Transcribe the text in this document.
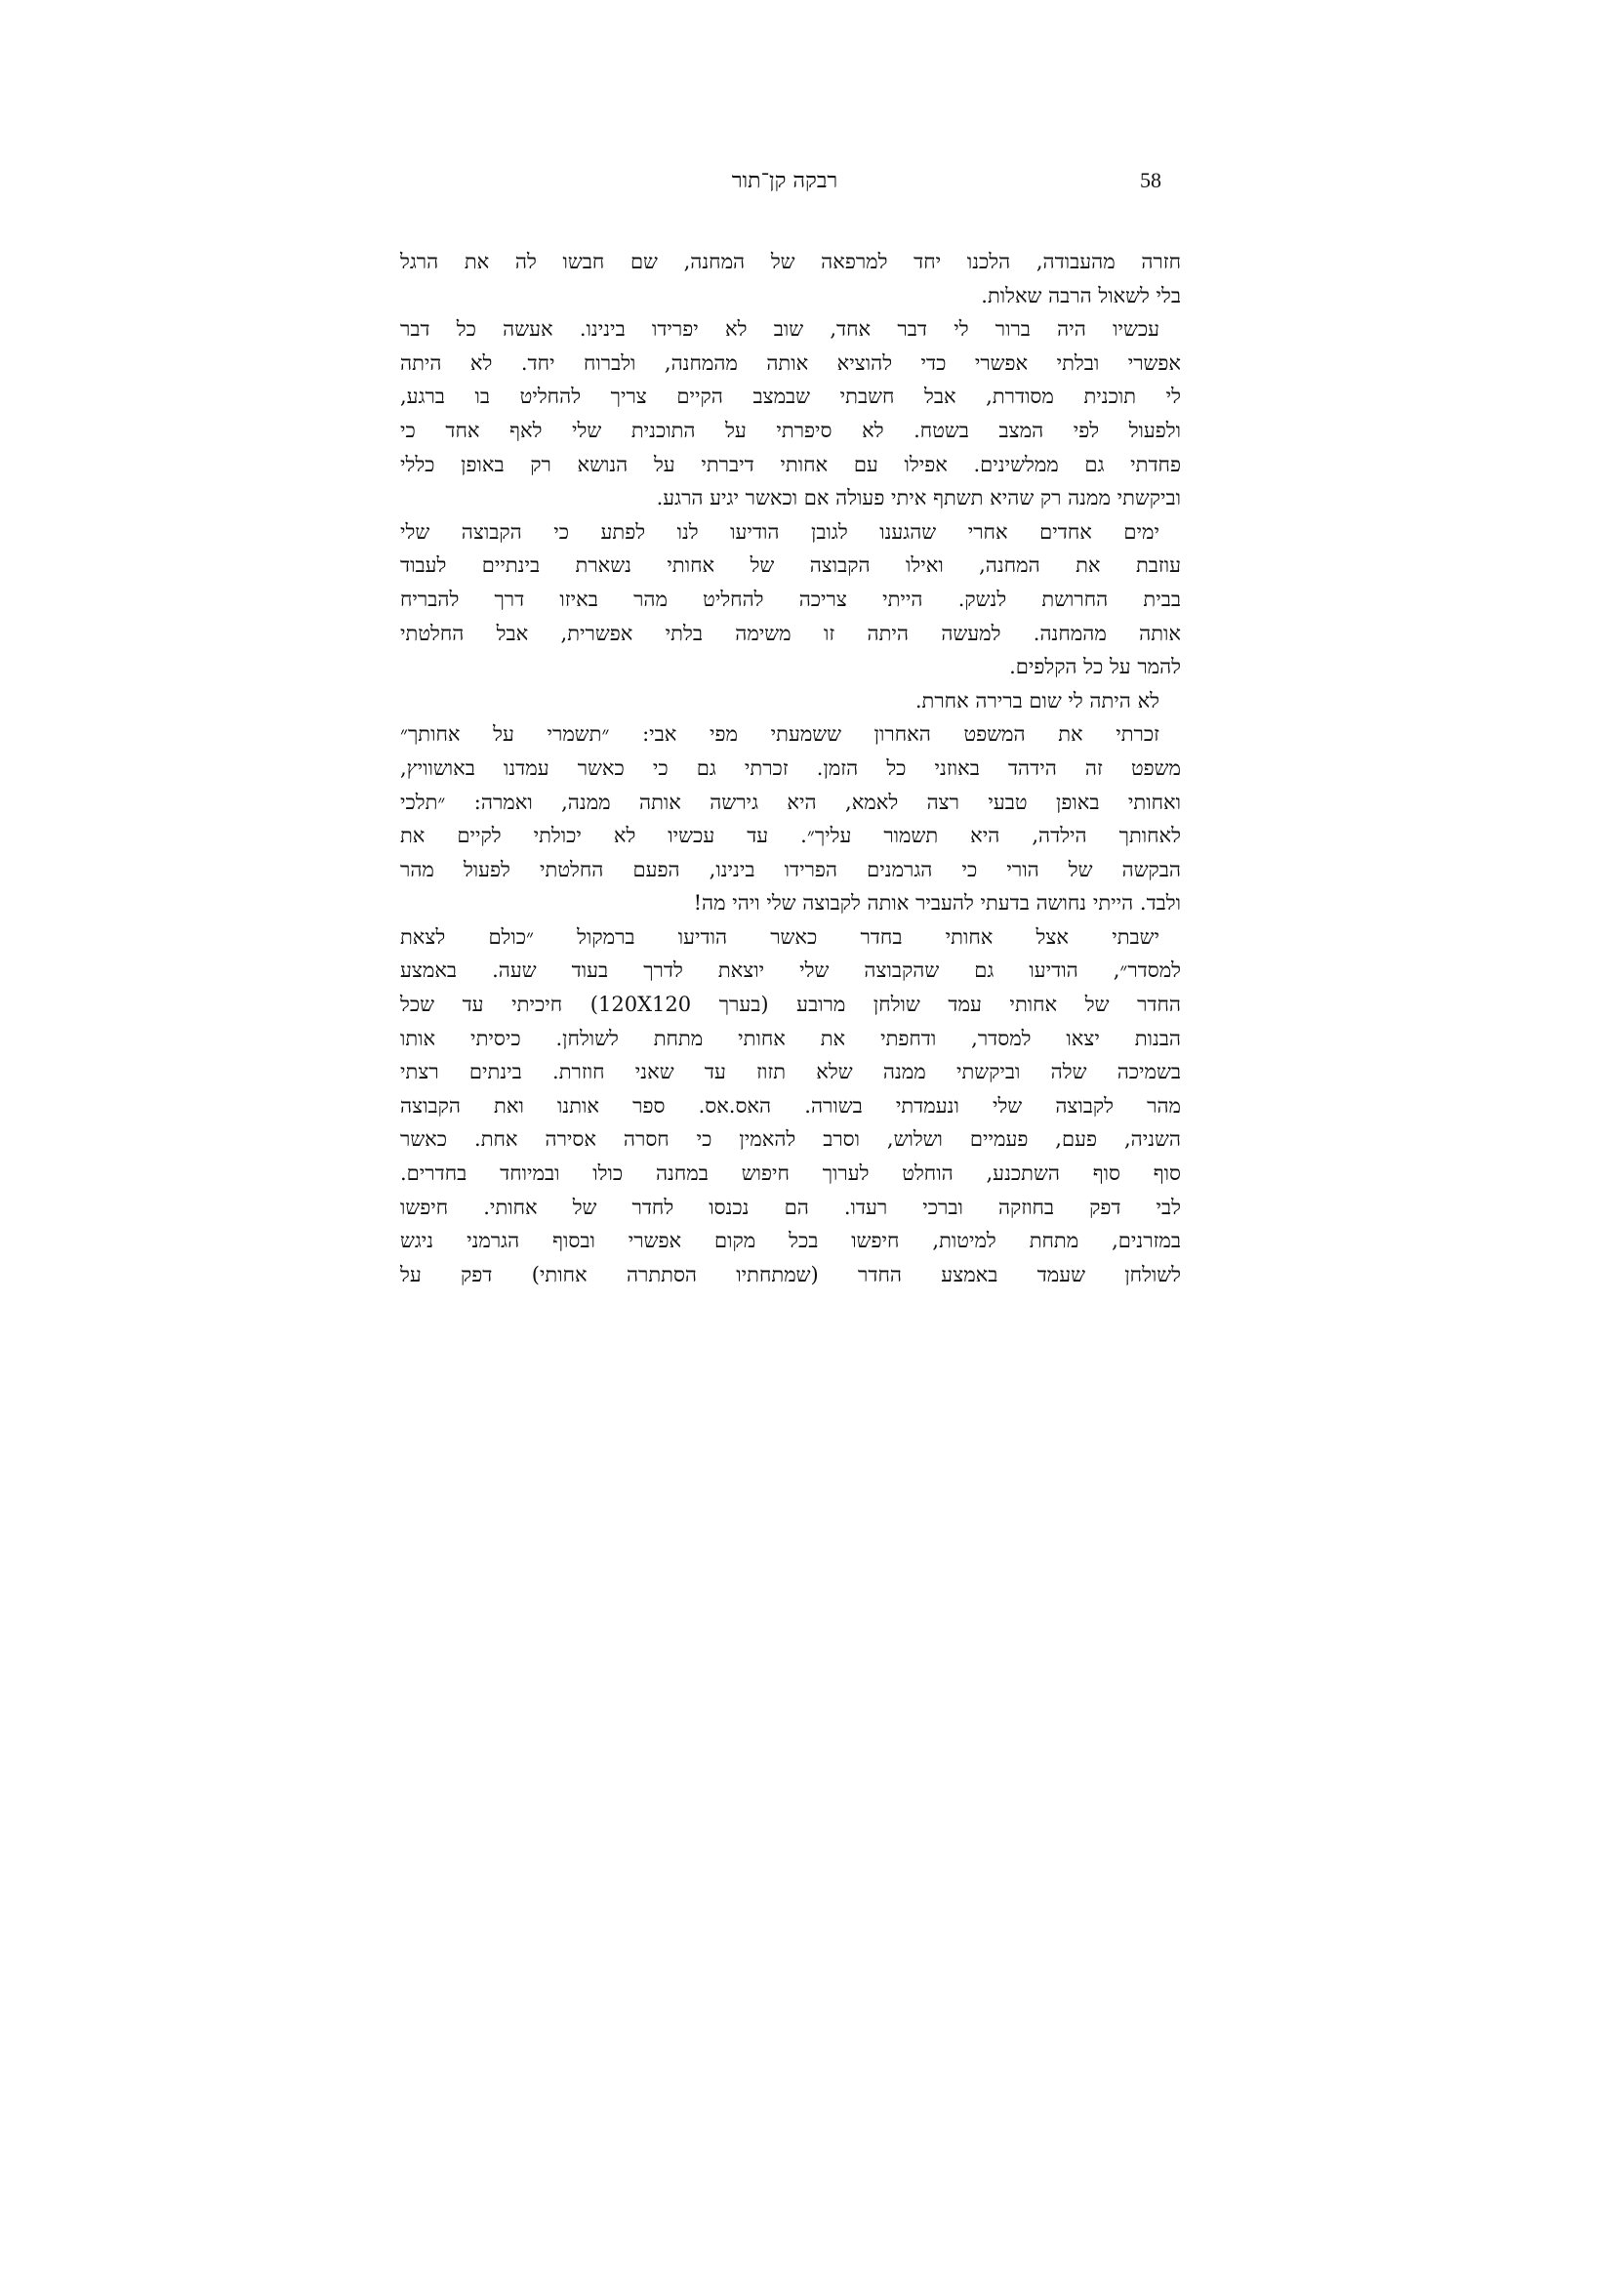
רבקה קן־תור	58
חזרה מהעבודה, הלכנו יחד למרפאה של המחנה, שם חבשו לה את הרגל
בלי לשאול הרבה שאלות.
עכשיו היה ברור לי דבר אחד, שוב לא יפרידו בינינו. אעשה כל דבר
אפשרי ובלתי אפשרי כדי להוציא אותה מהמחנה, ולברוח יחד. לא היתה
לי תוכנית מסודרת, אבל חשבתי שבמצב הקיים צריך להחליט בו ברגע,
ולפעול לפי המצב בשטח. לא סיפרתי על התוכנית שלי לאף אחד כי
פחדתי גם ממלשינים. אפילו עם אחותי דיברתי על הנושא רק באופן כללי
וביקשתי ממנה רק שהיא תשתף איתי פעולה אם וכאשר יגיע הרגע.
ימים אחדים אחרי שהגענו לגובן הודיעו לנו לפתע כי הקבוצה שלי
עוזבת את המחנה, ואילו הקבוצה של אחותי נשארת בינתיים לעבוד
בבית החרושת לנשק. הייתי צריכה להחליט מהר באיזו דרך להבריח
אותה מהמחנה. למעשה היתה זו משימה בלתי אפשרית, אבל החלטתי
להמר על כל הקלפים.
לא היתה לי שום ברירה אחרת.
זכרתי את המשפט האחרון ששמעתי מפי אבי: ״תשמרי על אחותך״
משפט זה הידהד באוזני כל הזמן. זכרתי גם כי כאשר עמדנו באושוויץ,
ואחותי באופן טבעי רצה לאמא, היא גירשה אותה ממנה, ואמרה: ״תלכי
לאחותך הילדה, היא תשמור עליך״. עד עכשיו לא יכולתי לקיים את
הבקשה של הורי כי הגרמנים הפרידו בינינו, הפעם החלטתי לפעול מהר
ולבד. הייתי נחושה בדעתי להעביר אותה לקבוצה שלי ויהי מה!
ישבתי אצל אחותי בחדר כאשר הודיעו ברמקול ״כולם לצאת
למסדר״, הודיעו גם שהקבוצה שלי יוצאת לדרך בעוד שעה. באמצע
החדר של אחותי עמד שולחן מרובע (בערך 120X120) חיכיתי עד שכל
הבנות יצאו למסדר, ודחפתי את אחותי מתחת לשולחן. כיסיתי אותו
בשמיכה שלה וביקשתי ממנה שלא תזוז עד שאני חוזרת. בינתים רצתי
מהר לקבוצה שלי ונעמדתי בשורה. האס.אס. ספר אותנו ואת הקבוצה
השניה, פעם, פעמיים ושלוש, וסרב להאמין כי חסרה אסירה אחת. כאשר
סוף סוף השתכנע, הוחלט לערוך חיפוש במחנה כולו ובמיוחד בחדרים.
לבי דפק בחוזקה וברכי רעדו. הם נכנסו לחדר של אחותי. חיפשו
במזרנים, מתחת למיטות, חיפשו בכל מקום אפשרי ובסוף הגרמני ניגש
לשולחן שעמד באמצע החדר (שמתחתיו הסתתרה אחותי) דפק על
